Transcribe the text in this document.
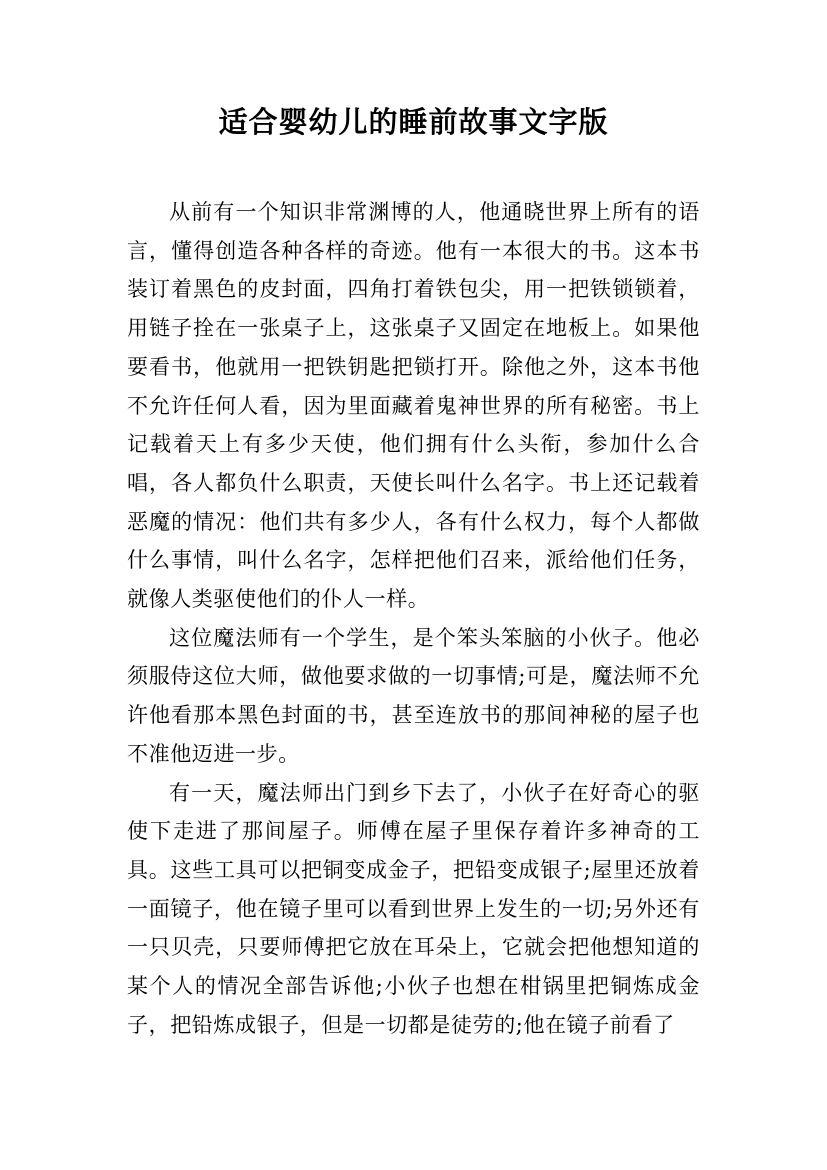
适合婴幼儿的睡前故事文字版

从前有一个知识非常渊博的人，他通晓世界上所有的语言，懂得创造各种各样的奇迹。他有一本很大的书。这本书装订着黑色的皮封面，四角打着铁包尖，用一把铁锁锁着，用链子拴在一张桌子上，这张桌子又固定在地板上。如果他要看书，他就用一把铁钥匙把锁打开。除他之外，这本书他不允许任何人看，因为里面藏着鬼神世界的所有秘密。书上记载着天上有多少天使，他们拥有什么头衔，参加什么合唱，各人都负什么职责，天使长叫什么名字。书上还记载着恶魔的情况：他们共有多少人，各有什么权力，每个人都做什么事情，叫什么名字，怎样把他们召来，派给他们任务，就像人类驱使他们的仆人一样。

这位魔法师有一个学生，是个笨头笨脑的小伙子。他必须服侍这位大师，做他要求做的一切事情;可是，魔法师不允许他看那本黑色封面的书，甚至连放书的那间神秘的屋子也不准他迈进一步。

有一天，魔法师出门到乡下去了，小伙子在好奇心的驱使下走进了那间屋子。师傅在屋子里保存着许多神奇的工具。这些工具可以把铜变成金子，把铅变成银子;屋里还放着一面镜子，他在镜子里可以看到世界上发生的一切;另外还有一只贝壳，只要师傅把它放在耳朵上，它就会把他想知道的某个人的情况全部告诉他;小伙子也想在柑锅里把铜炼成金子，把铅炼成银子，但是一切都是徒劳的;他在镜子前看了
